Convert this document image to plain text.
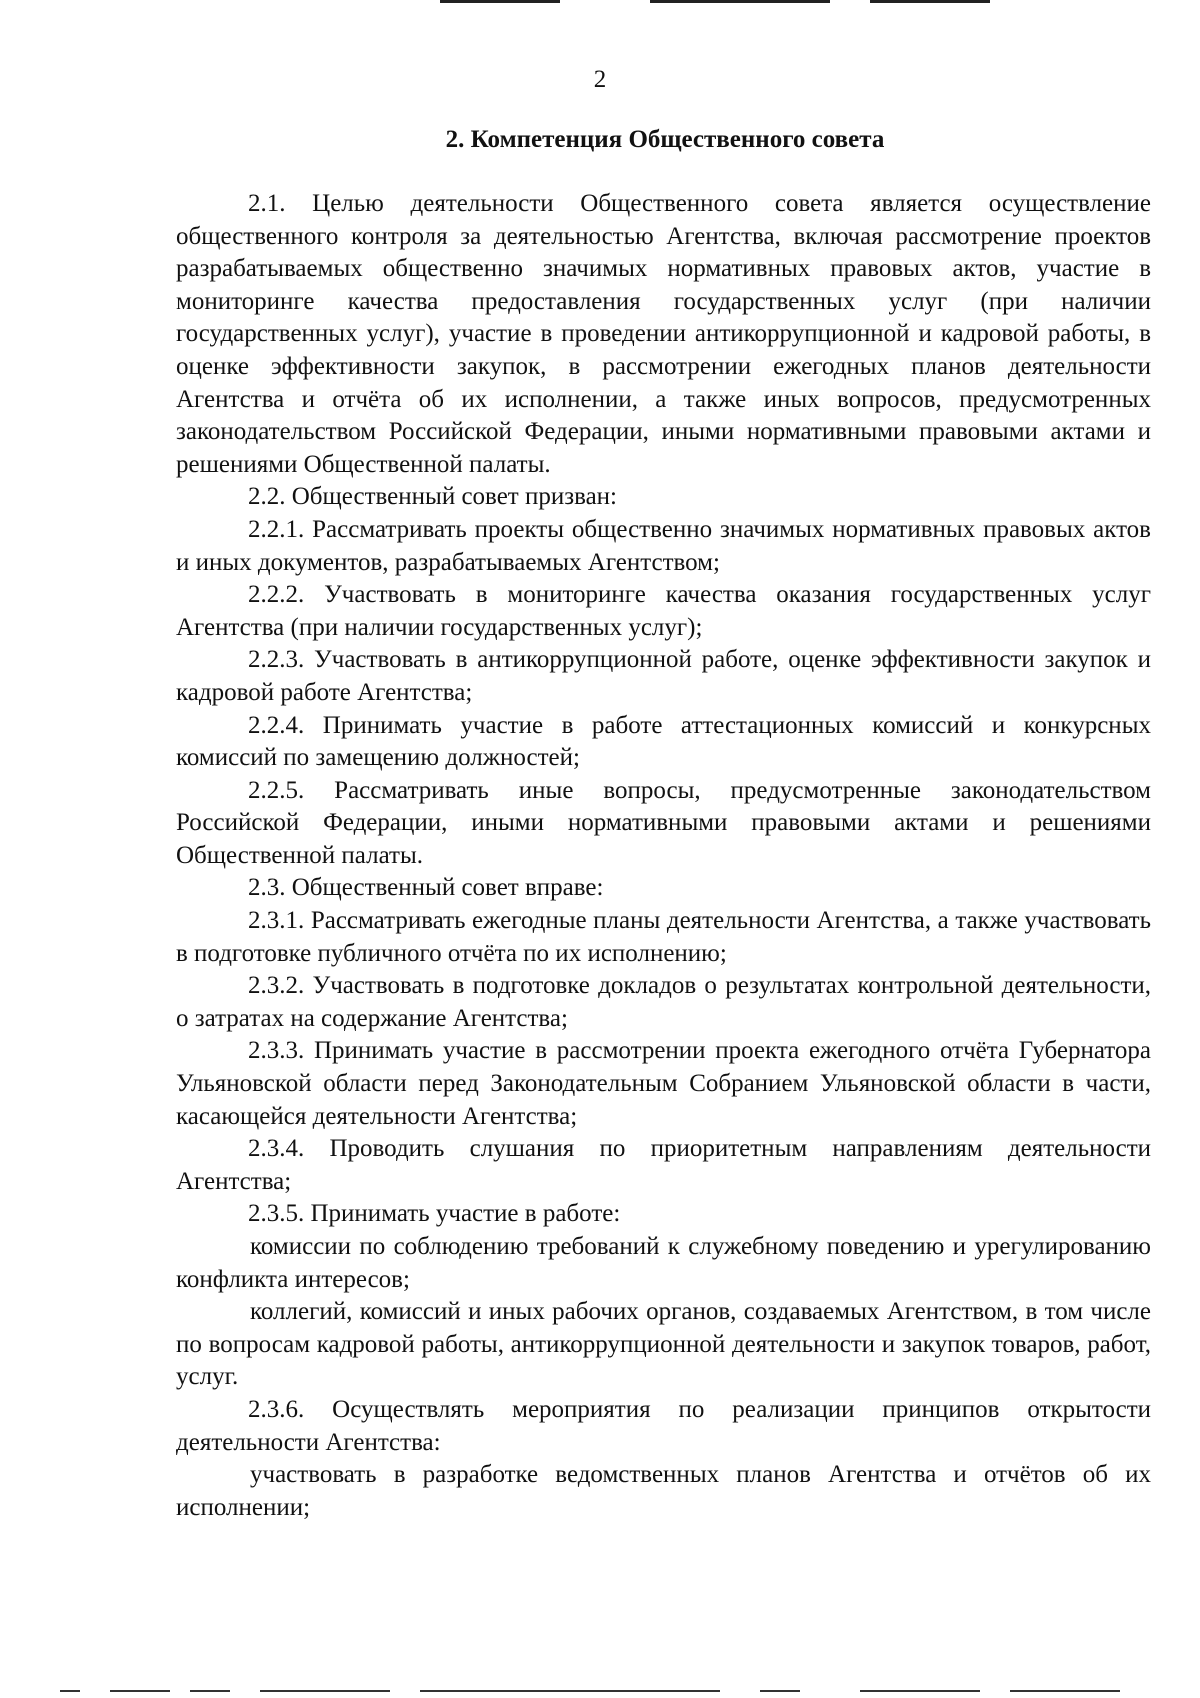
2
2. Компетенция Общественного совета

2.1. Целью деятельности Общественного совета является осуществление общественного контроля за деятельностью Агентства, включая рассмотрение проектов разрабатываемых общественно значимых нормативных правовых актов, участие в мониторинге качества предоставления государственных услуг (при наличии государственных услуг), участие в проведении антикоррупционной и кадровой работы, в оценке эффективности закупок, в рассмотрении ежегодных планов деятельности Агентства и отчёта об их исполнении, а также иных вопросов, предусмотренных законодательством Российской Федерации, иными нормативными правовыми актами и решениями Общественной палаты.

2.2. Общественный совет призван:

2.2.1. Рассматривать проекты общественно значимых нормативных правовых актов и иных документов, разрабатываемых Агентством;

2.2.2. Участвовать в мониторинге качества оказания государственных услуг Агентства (при наличии государственных услуг);

2.2.3. Участвовать в антикоррупционной работе, оценке эффективности закупок и кадровой работе Агентства;

2.2.4. Принимать участие в работе аттестационных комиссий и конкурсных комиссий по замещению должностей;

2.2.5. Рассматривать иные вопросы, предусмотренные законодательством Российской Федерации, иными нормативными правовыми актами и решениями Общественной палаты.

2.3. Общественный совет вправе:

2.3.1. Рассматривать ежегодные планы деятельности Агентства, а также участвовать в подготовке публичного отчёта по их исполнению;

2.3.2. Участвовать в подготовке докладов о результатах контрольной деятельности, о затратах на содержание Агентства;

2.3.3. Принимать участие в рассмотрении проекта ежегодного отчёта Губернатора Ульяновской области перед Законодательным Собранием Ульяновской области в части, касающейся деятельности Агентства;

2.3.4. Проводить слушания по приоритетным направлениям деятельности Агентства;

2.3.5. Принимать участие в работе:

комиссии по соблюдению требований к служебному поведению и урегулированию конфликта интересов;

коллегий, комиссий и иных рабочих органов, создаваемых Агентством, в том числе по вопросам кадровой работы, антикоррупционной деятельности и закупок товаров, работ, услуг.

2.3.6. Осуществлять мероприятия по реализации принципов открытости деятельности Агентства:

участвовать в разработке ведомственных планов Агентства и отчётов об их исполнении;
